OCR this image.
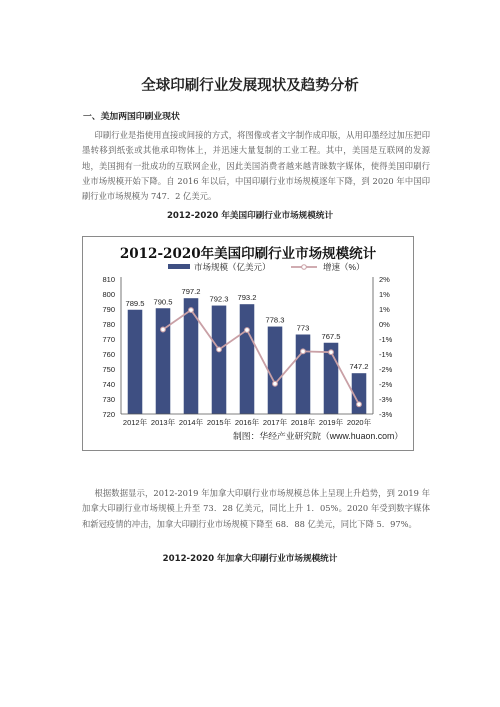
全球印刷行业发展现状及趋势分析
一、美加两国印刷业现状
印刷行业是指使用直接或间接的方式，将图像或者文字制作成印版，从用印墨经过加压把印墨转移到纸张或其他承印物体上，并迅速大量复制的工业工程。其中，美国是互联网的发源地，美国拥有一批成功的互联网企业，因此美国消费者越来越青睐数字媒体，使得美国印刷行业市场规模开始下降。自 2016 年以后，中国印刷行业市场规模逐年下降，到 2020 年中国印刷行业市场规模为 747．2 亿美元。
2012-2020 年美国印刷行业市场规模统计
2012-2020年美国印刷行业市场规模统计
789.5
2012年
790.5
2013年
797.2
2014年
792.3
2015年
793.2
2016年
778.3
2017年
773
2018年
767.5
2019年
747.2
2020年
制图：华经产业研究院（www.huaon.com）
720
730
740
750
760
770
780
790
800
810
-3%
-3%
-2%
-2%
-1%
-1%
0%
1%
1%
2%
市场规模（亿美元）	增速（%）
根据数据显示，2012-2019 年加拿大印刷行业市场规模总体上呈现上升趋势，到 2019 年加拿大印刷行业市场规模上升至 73．28 亿美元，同比上升 1．05%。2020 年受到数字媒体和新冠疫情的冲击，加拿大印刷行业市场规模下降至 68．88 亿美元，同比下降 5．97%。
2012-2020 年加拿大印刷行业市场规模统计
